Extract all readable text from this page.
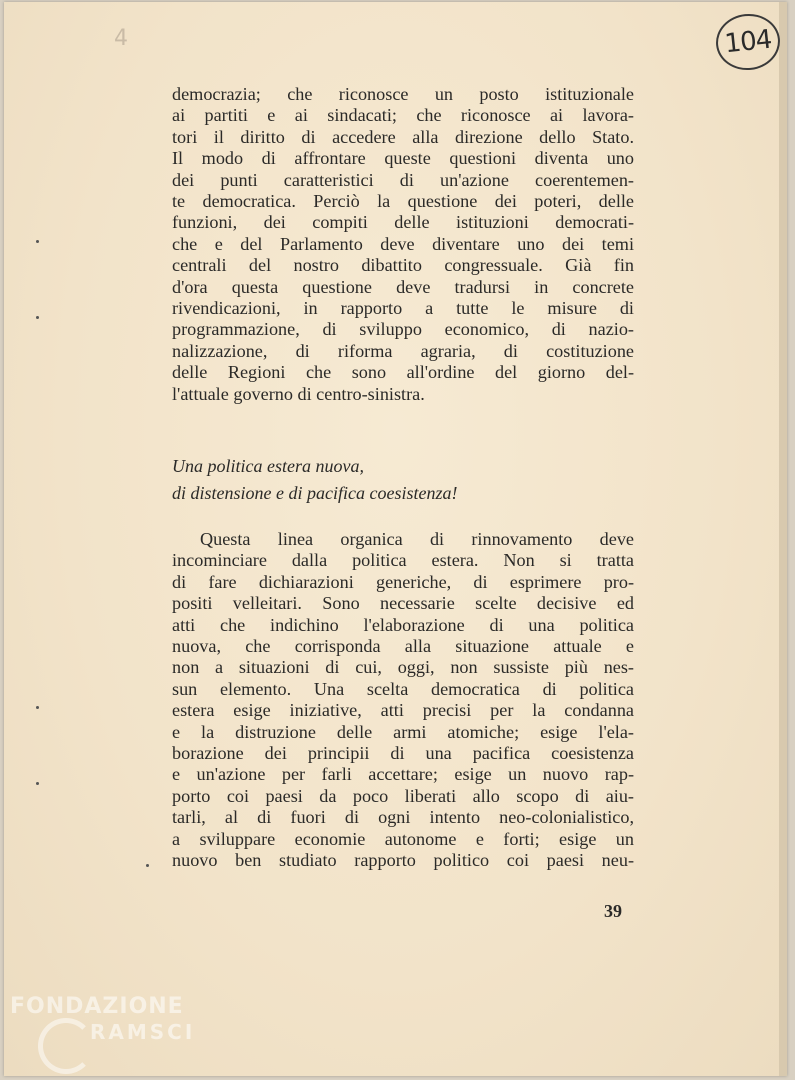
4	104
democrazia; che riconosce un posto istituzionale
ai partiti e ai sindacati; che riconosce ai lavora-
tori il diritto di accedere alla direzione dello Stato.
Il modo di affrontare queste questioni diventa uno
dei punti caratteristici di un'azione coerentemen-
te democratica. Perciò la questione dei poteri, delle
funzioni, dei compiti delle istituzioni democrati-
che e del Parlamento deve diventare uno dei temi
centrali del nostro dibattito congressuale. Già fin
d'ora questa questione deve tradursi in concrete
rivendicazioni, in rapporto a tutte le misure di
programmazione, di sviluppo economico, di nazio-
nalizzazione, di riforma agraria, di costituzione
delle Regioni che sono all'ordine del giorno del-
l'attuale governo di centro-sinistra.
Una politica estera nuova,
di distensione e di pacifica coesistenza!
Questa linea organica di rinnovamento deve
incominciare dalla politica estera. Non si tratta
di fare dichiarazioni generiche, di esprimere pro-
positi velleitari. Sono necessarie scelte decisive ed
atti che indichino l'elaborazione di una politica
nuova, che corrisponda alla situazione attuale e
non a situazioni di cui, oggi, non sussiste più nes-
sun elemento. Una scelta democratica di politica
estera esige iniziative, atti precisi per la condanna
e la distruzione delle armi atomiche; esige l'ela-
borazione dei principii di una pacifica coesistenza
e un'azione per farli accettare; esige un nuovo rap-
porto coi paesi da poco liberati allo scopo di aiu-
tarli, al di fuori di ogni intento neo-colonialistico,
a sviluppare economie autonome e forti; esige un
nuovo ben studiato rapporto politico coi paesi neu-
39
FONDAZIONE
RAMSCI
